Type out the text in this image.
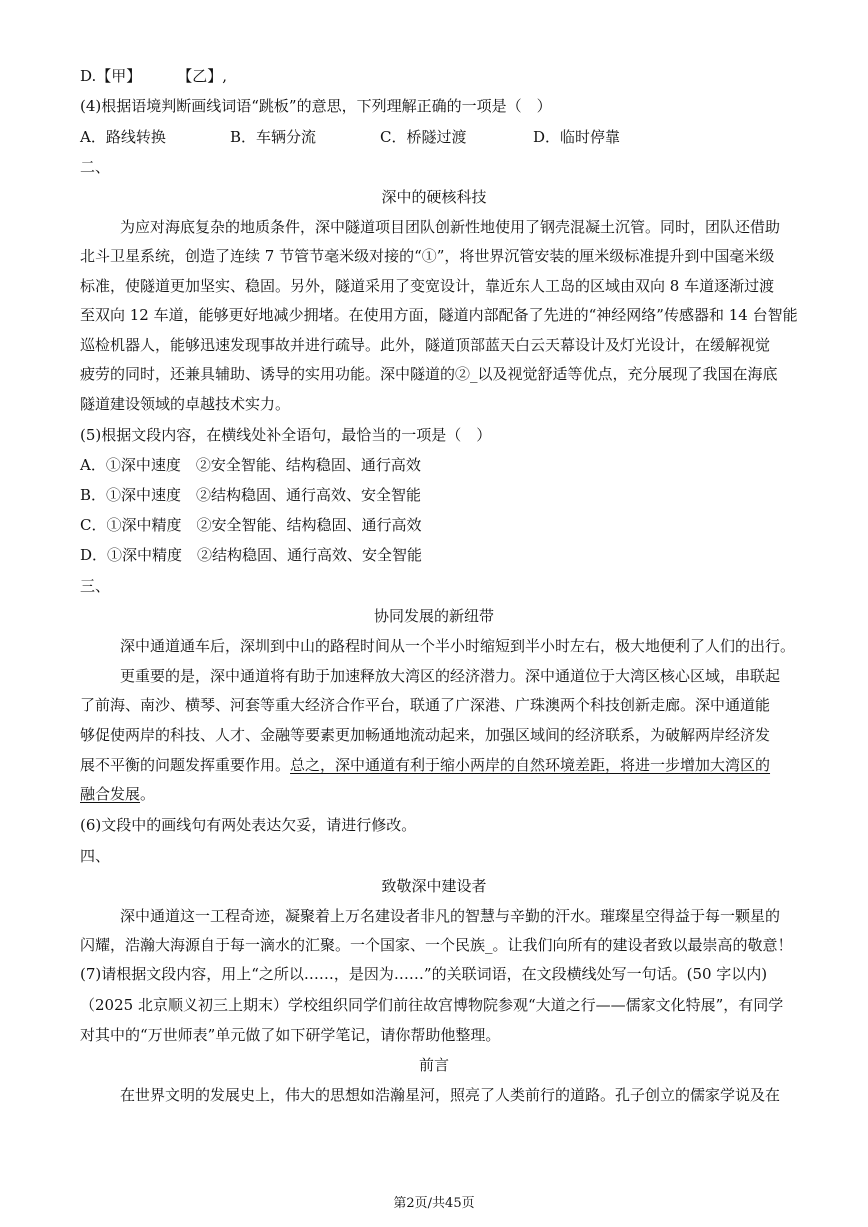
D.【甲】 【乙】,
(4)根据语境判断画线词语“跳板”的意思，下列理解正确的一项是（　）
A．路线转换	B．车辆分流	C．桥隧过渡	D．临时停靠
二、
深中的硬核科技
为应对海底复杂的地质条件，深中隧道项目团队创新性地使用了钢壳混凝土沉管。同时，团队还借助
北斗卫星系统，创造了连续 7 节管节毫米级对接的“①”，将世界沉管安装的厘米级标准提升到中国毫米级
标准，使隧道更加坚实、稳固。另外，隧道采用了变宽设计，靠近东人工岛的区域由双向 8 车道逐渐过渡
至双向 12 车道，能够更好地减少拥堵。在使用方面，隧道内部配备了先进的“神经网络”传感器和 14 台智能
巡检机器人，能够迅速发现事故并进行疏导。此外，隧道顶部蓝天白云天幕设计及灯光设计，在缓解视觉
疲劳的同时，还兼具辅助、诱导的实用功能。深中隧道的②_以及视觉舒适等优点，充分展现了我国在海底
隧道建设领域的卓越技术实力。
(5)根据文段内容，在横线处补全语句，最恰当的一项是（　）
A．①深中速度　②安全智能、结构稳固、通行高效
B．①深中速度　②结构稳固、通行高效、安全智能
C．①深中精度　②安全智能、结构稳固、通行高效
D．①深中精度　②结构稳固、通行高效、安全智能
三、
协同发展的新纽带
深中通道通车后，深圳到中山的路程时间从一个半小时缩短到半小时左右，极大地便利了人们的出行。
更重要的是，深中通道将有助于加速释放大湾区的经济潜力。深中通道位于大湾区核心区域，串联起
了前海、南沙、横琴、河套等重大经济合作平台，联通了广深港、广珠澳两个科技创新走廊。深中通道能
够促使两岸的科技、人才、金融等要素更加畅通地流动起来，加强区域间的经济联系，为破解两岸经济发
展不平衡的问题发挥重要作用。总之，深中通道有利于缩小两岸的自然环境差距，将进一步增加大湾区的
融合发展。
(6)文段中的画线句有两处表达欠妥，请进行修改。
四、
致敬深中建设者
深中通道这一工程奇迹，凝聚着上万名建设者非凡的智慧与辛勤的汗水。璀璨星空得益于每一颗星的
闪耀，浩瀚大海源自于每一滴水的汇聚。一个国家、一个民族_。让我们向所有的建设者致以最崇高的敬意！
(7)请根据文段内容，用上“之所以……，是因为……”的关联词语，在文段横线处写一句话。(50 字以内)
（2025 北京顺义初三上期末）学校组织同学们前往故宫博物院参观“大道之行——儒家文化特展”，有同学
对其中的“万世师表”单元做了如下研学笔记，请你帮助他整理。
前言
在世界文明的发展史上，伟大的思想如浩瀚星河，照亮了人类前行的道路。孔子创立的儒家学说及在
第2页/共45页
